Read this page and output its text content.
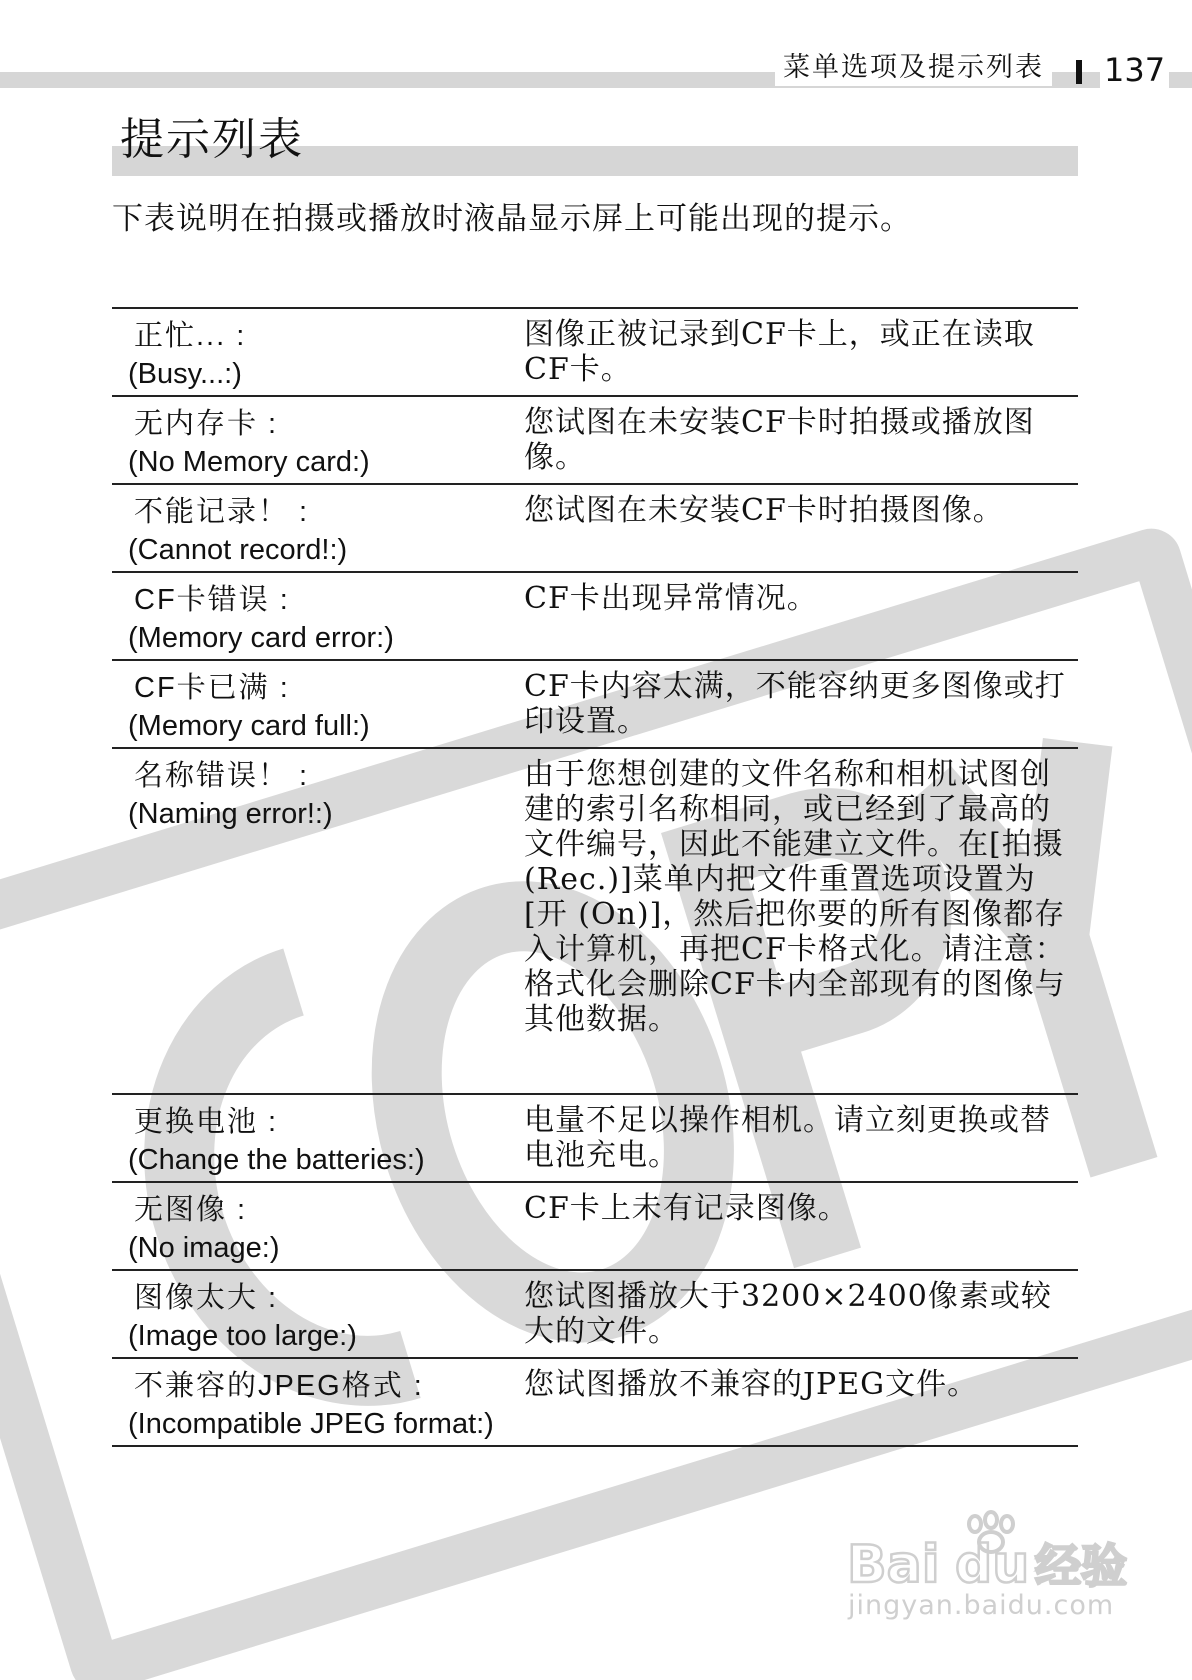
菜单选项及提示列表 137
提示列表
下表说明在拍摄或播放时液晶显示屏上可能出现的提示。
正忙... :
(Busy...:)
图像正被记录到CF卡上，或正在读取CF卡。
无内存卡 :
(No Memory card:)
您试图在未安装CF卡时拍摄或播放图像。
不能记录！ :
(Cannot record!:)
您试图在未安装CF卡时拍摄图像。
CF卡错误 :
(Memory card error:)
CF卡出现异常情况。
CF卡已满 :
(Memory card full:)
CF卡内容太满，不能容纳更多图像或打印设置。
名称错误！ :
(Naming error!:)
由于您想创建的文件名称和相机试图创建的索引名称相同，或已经到了最高的文件编号，因此不能建立文件。在[拍摄 (Rec.)]菜单内把文件重置选项设置为[开 (On)]，然后把你要的所有图像都存入计算机，再把CF卡格式化。请注意：格式化会删除CF卡内全部现有的图像与其他数据。
更换电池 :
(Change the batteries:)
电量不足以操作相机。请立刻更换或替电池充电。
无图像 :
(No image:)
CF卡上未有记录图像。
图像太大 :
(Image too large:)
您试图播放大于3200×2400像素或较大的文件。
不兼容的JPEG格式 :
(Incompatible JPEG format:)
您试图播放不兼容的JPEG文件。
Bai du 经验
jingyan.baidu.com
